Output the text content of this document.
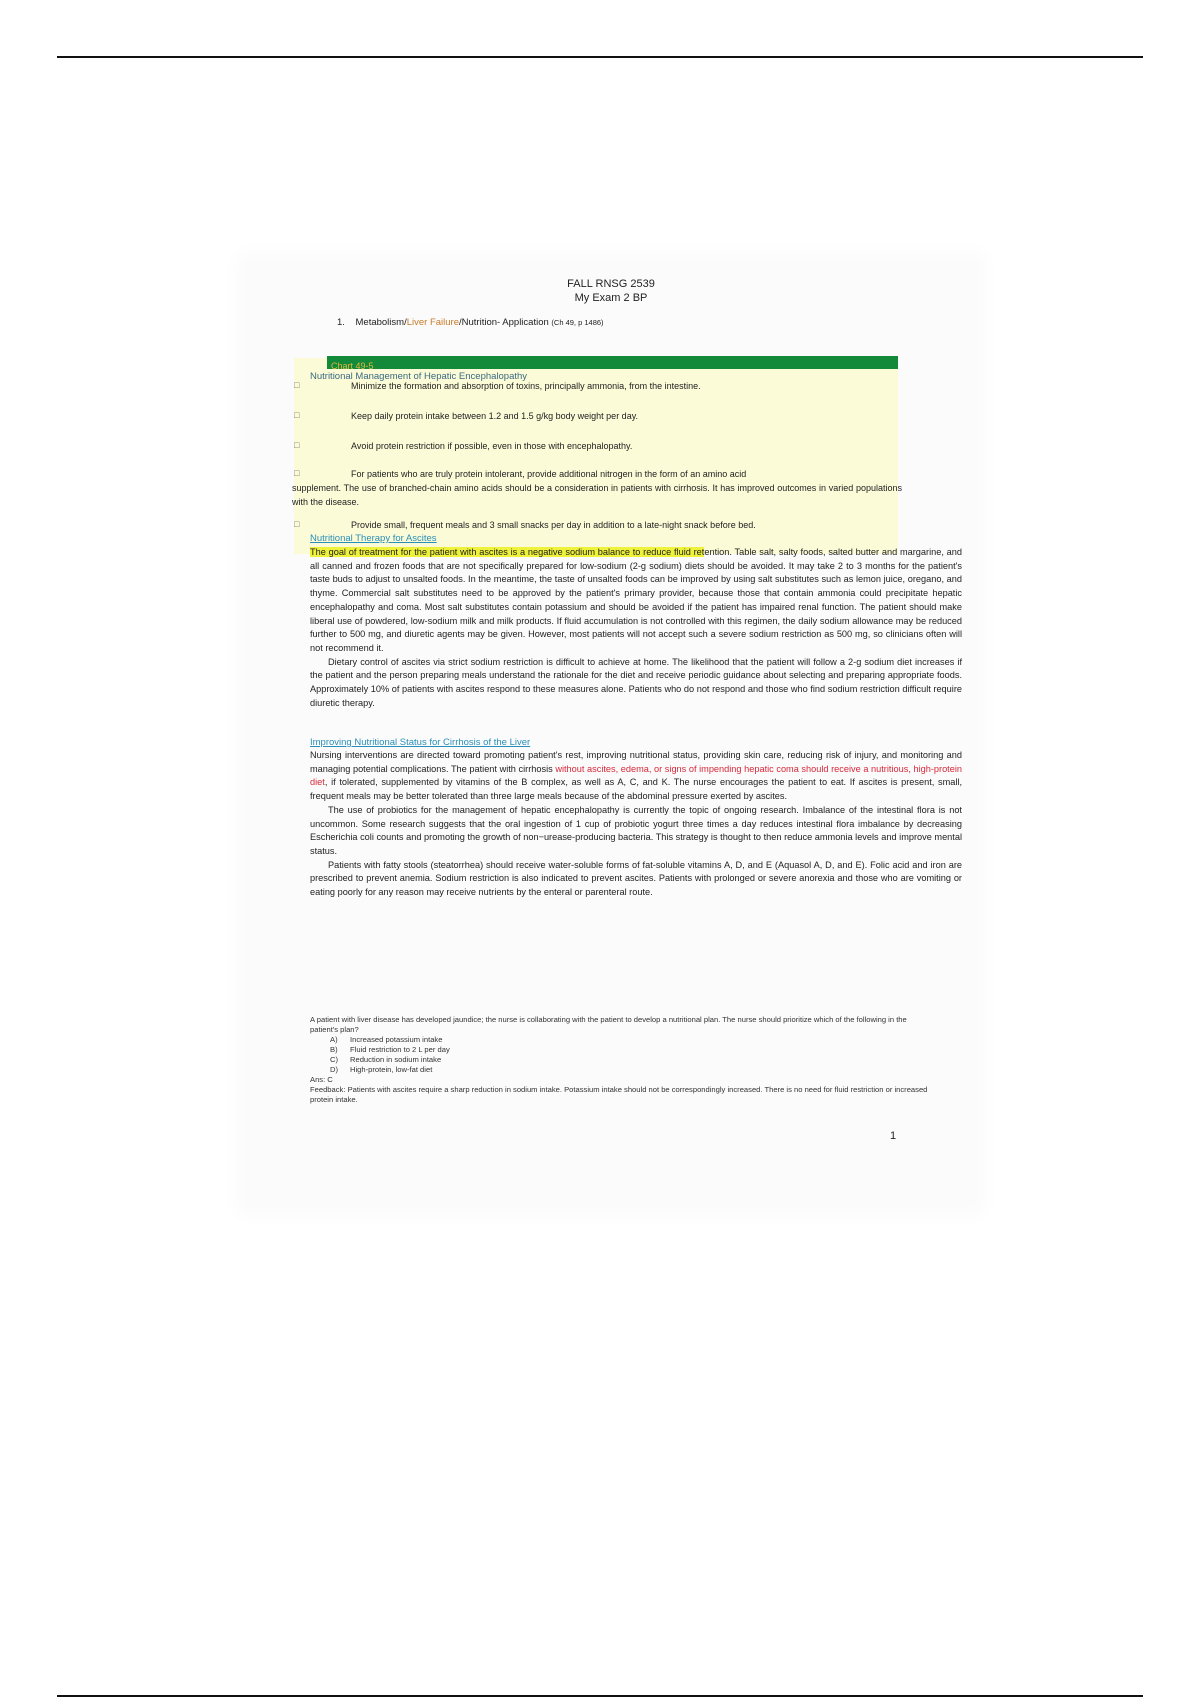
FALL RNSG 2539
My Exam 2 BP
1. Metabolism/Liver Failure/Nutrition- Application (Ch 49, p 1486)
Chart 49-5
Nutritional Management of Hepatic Encephalopathy
□	Minimize the formation and absorption of toxins, principally ammonia, from the intestine.
□	Keep daily protein intake between 1.2 and 1.5 g/kg body weight per day.
□	Avoid protein restriction if possible, even in those with encephalopathy.
□	For patients who are truly protein intolerant, provide additional nitrogen in the form of an amino acid
supplement. The use of branched-chain amino acids should be a consideration in patients with cirrhosis. It has improved outcomes in varied populations with the disease.
□	Provide small, frequent meals and 3 small snacks per day in addition to a late-night snack before bed.
Nutritional Therapy for Ascites

The goal of treatment for the patient with ascites is a negative sodium balance to reduce fluid retention. Table salt, salty foods, salted butter and margarine, and all canned and frozen foods that are not specifically prepared for low-sodium (2-g sodium) diets should be avoided. It may take 2 to 3 months for the patient's taste buds to adjust to unsalted foods. In the meantime, the taste of unsalted foods can be improved by using salt substitutes such as lemon juice, oregano, and thyme. Commercial salt substitutes need to be approved by the patient's primary provider, because those that contain ammonia could precipitate hepatic encephalopathy and coma. Most salt substitutes contain potassium and should be avoided if the patient has impaired renal function. The patient should make liberal use of powdered, low-sodium milk and milk products. If fluid accumulation is not controlled with this regimen, the daily sodium allowance may be reduced further to 500 mg, and diuretic agents may be given. However, most patients will not accept such a severe sodium restriction as 500 mg, so clinicians often will not recommend it.

Dietary control of ascites via strict sodium restriction is difficult to achieve at home. The likelihood that the patient will follow a 2-g sodium diet increases if the patient and the person preparing meals understand the rationale for the diet and receive periodic guidance about selecting and preparing appropriate foods. Approximately 10% of patients with ascites respond to these measures alone. Patients who do not respond and those who find sodium restriction difficult require diuretic therapy.

Improving Nutritional Status for Cirrhosis of the Liver

Nursing interventions are directed toward promoting patient's rest, improving nutritional status, providing skin care, reducing risk of injury, and monitoring and managing potential complications. The patient with cirrhosis without ascites, edema, or signs of impending hepatic coma should receive a nutritious, high-protein diet, if tolerated, supplemented by vitamins of the B complex, as well as A, C, and K. The nurse encourages the patient to eat. If ascites is present, small, frequent meals may be better tolerated than three large meals because of the abdominal pressure exerted by ascites.

The use of probiotics for the management of hepatic encephalopathy is currently the topic of ongoing research. Imbalance of the intestinal flora is not uncommon. Some research suggests that the oral ingestion of 1 cup of probiotic yogurt three times a day reduces intestinal flora imbalance by decreasing Escherichia coli counts and promoting the growth of non−urease-producing bacteria. This strategy is thought to then reduce ammonia levels and improve mental status.

Patients with fatty stools (steatorrhea) should receive water-soluble forms of fat-soluble vitamins A, D, and E (Aquasol A, D, and E). Folic acid and iron are prescribed to prevent anemia. Sodium restriction is also indicated to prevent ascites. Patients with prolonged or severe anorexia and those who are vomiting or eating poorly for any reason may receive nutrients by the enteral or parenteral route.

A patient with liver disease has developed jaundice; the nurse is collaborating with the patient to develop a nutritional plan. The nurse should prioritize which of the following in the patient's plan?
A) Increased potassium intake
B) Fluid restriction to 2 L per day
C) Reduction in sodium intake
D) High-protein, low-fat diet
Ans: C
Feedback: Patients with ascites require a sharp reduction in sodium intake. Potassium intake should not be correspondingly increased. There is no need for fluid restriction or increased protein intake.
1
